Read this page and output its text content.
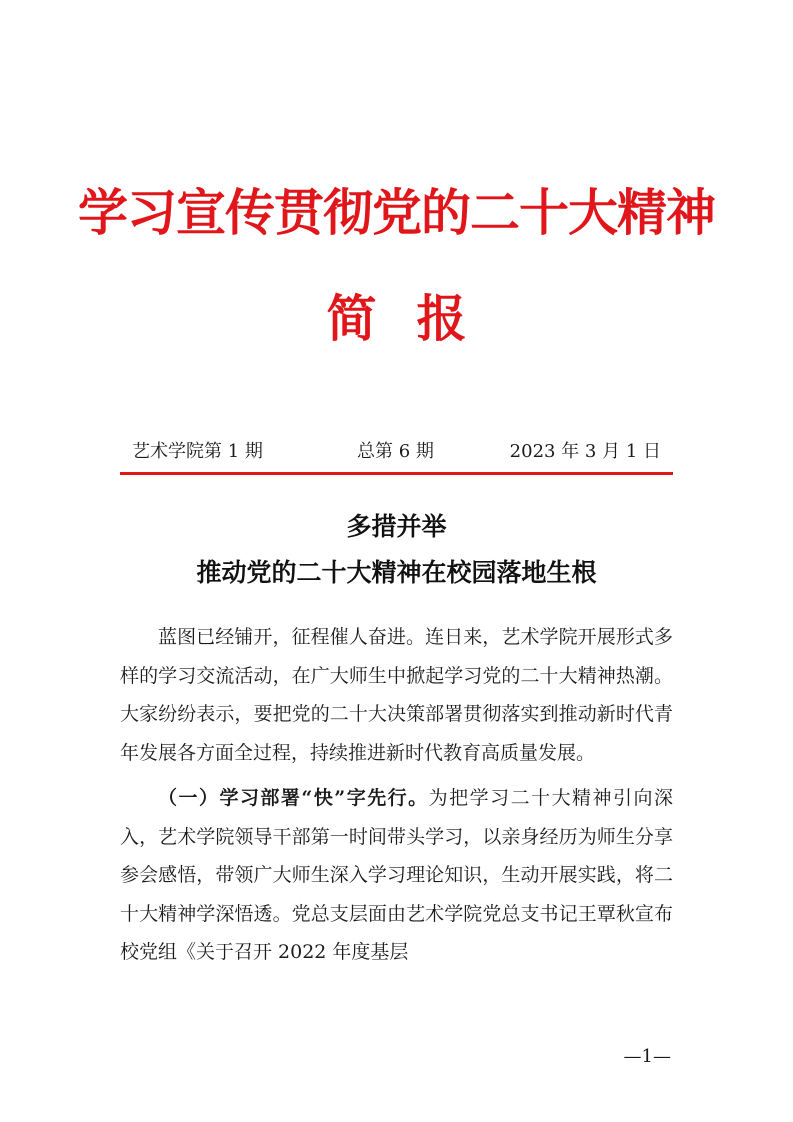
学习宣传贯彻党的二十大精神
简报
艺术学院第 1 期	总第 6 期	2023 年 3 月 1 日
多措并举
推动党的二十大精神在校园落地生根

蓝图已经铺开，征程催人奋进。连日来，艺术学院开展形式多样的学习交流活动，在广大师生中掀起学习党的二十大精神热潮。大家纷纷表示，要把党的二十大决策部署贯彻落实到推动新时代青年发展各方面全过程，持续推进新时代教育高质量发展。

（一）学习部署“快”字先行。为把学习二十大精神引向深入，艺术学院领导干部第一时间带头学习，以亲身经历为师生分享参会感悟，带领广大师生深入学习理论知识，生动开展实践，将二十大精神学深悟透。党总支层面由艺术学院党总支书记王覃秋宣布校党组《关于召开 2022 年度基层

—1—
